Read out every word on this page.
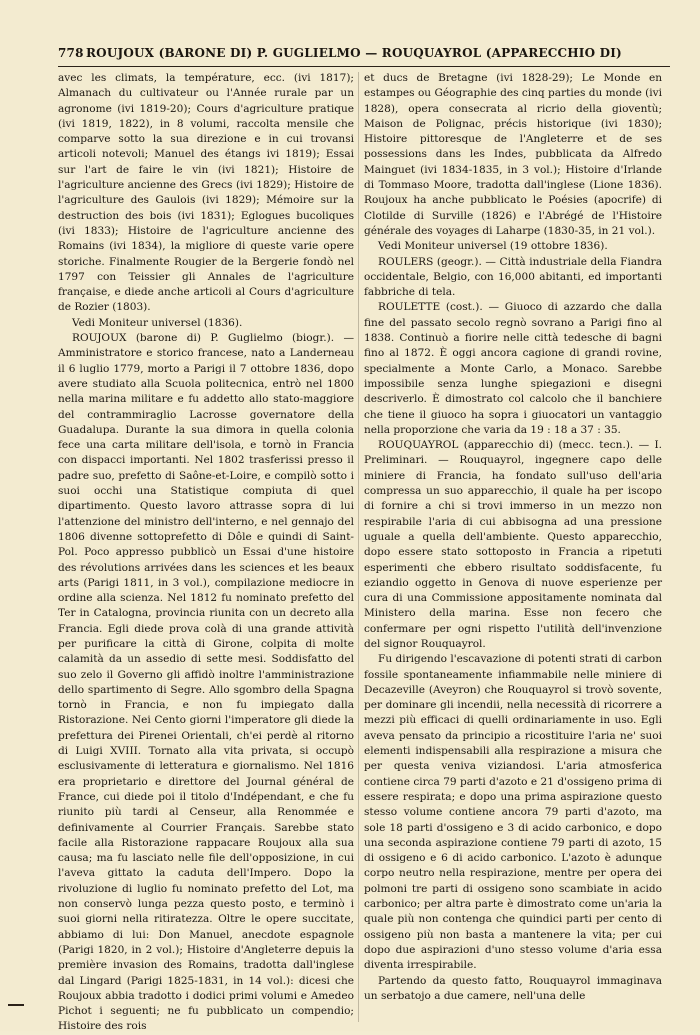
778 ROUJOUX (BARONE DI) P. GUGLIELMO — ROUQUAYROL (APPARECCHIO DI)

avec les climats, la température, ecc. (ivi 1817); Almanach du cultivateur ou l'Année rurale par un agronome (ivi 1819-20); Cours d'agriculture pratique (ivi 1819, 1822), in 8 volumi, raccolta mensile che comparve sotto la sua direzione e in cui trovansi articoli notevoli; Manuel des étangs ivi 1819); Essai sur l'art de faire le vin (ivi 1821); Histoire de l'agriculture ancienne des Grecs (ivi 1829); Histoire de l'agriculture des Gaulois (ivi 1829); Mémoire sur la destruction des bois (ivi 1831); Eglogues bucoliques (ivi 1833); Histoire de l'agriculture ancienne des Romains (ivi 1834), la migliore di queste varie opere storiche. Finalmente Rougier de la Bergerie fondò nel 1797 con Teissier gli Annales de l'agriculture française, e diede anche articoli al Cours d'agriculture de Rozier (1803).

Vedi Moniteur universel (1836).

ROUJOUX (barone di) P. Guglielmo (biogr.). — Amministratore e storico francese, nato a Landerneau il 6 luglio 1779, morto a Parigi il 7 ottobre 1836, dopo avere studiato alla Scuola politecnica, entrò nel 1800 nella marina militare e fu addetto allo stato-maggiore del contrammiraglio Lacrosse governatore della Guadalupa. Durante la sua dimora in quella colonia fece una carta militare dell'isola, e tornò in Francia con dispacci importanti. Nel 1802 trasferissi presso il padre suo, prefetto di Saône-et-Loire, e compilò sotto i suoi occhi una Statistique compiuta di quel dipartimento. Questo lavoro attrasse sopra di lui l'attenzione del ministro dell'interno, e nel gennajo del 1806 divenne sottoprefetto di Dôle e quindi di Saint-Pol. Poco appresso pubblicò un Essai d'une histoire des révolutions arrivées dans les sciences et les beaux arts (Parigi 1811, in 3 vol.), compilazione mediocre in ordine alla scienza. Nel 1812 fu nominato prefetto del Ter in Catalogna, provincia riunita con un decreto alla Francia. Egli diede prova colà di una grande attività per purificare la città di Girone, colpita di molte calamità da un assedio di sette mesi. Soddisfatto del suo zelo il Governo gli affidò inoltre l'amministrazione dello spartimento di Segre. Allo sgombro della Spagna tornò in Francia, e non fu impiegato dalla Ristorazione. Nei Cento giorni l'imperatore gli diede la prefettura dei Pirenei Orientali, ch'ei perdè al ritorno di Luigi XVIII. Tornato alla vita privata, si occupò esclusivamente di letteratura e giornalismo. Nel 1816 era proprietario e direttore del Journal général de France, cui diede poi il titolo d'Indépendant, e che fu riunito più tardi al Censeur, alla Renommée e definivamente al Courrier Français. Sarebbe stato facile alla Ristorazione rappacare Roujoux alla sua causa; ma fu lasciato nelle file dell'opposizione, in cui l'aveva gittato la caduta dell'Impero. Dopo la rivoluzione di luglio fu nominato prefetto del Lot, ma non conservò lunga pezza questo posto, e terminò i suoi giorni nella ritiratezza. Oltre le opere succitate, abbiamo di lui: Don Manuel, anecdote espagnole (Parigi 1820, in 2 vol.); Histoire d'Angleterre depuis la première invasion des Romains, tradotta dall'inglese dal Lingard (Parigi 1825-1831, in 14 vol.): dicesi che Roujoux abbia tradotto i dodici primi volumi e Amedeo Pichot i seguenti; ne fu pubblicato un compendio; Histoire des rois

et ducs de Bretagne (ivi 1828-29); Le Monde en estampes ou Géographie des cinq parties du monde (ivi 1828), opera consecrata al ricrio della gioventù; Maison de Polignac, précis historique (ivi 1830); Histoire pittoresque de l'Angleterre et de ses possessions dans les Indes, pubblicata da Alfredo Mainguet (ivi 1834-1835, in 3 vol.); Histoire d'Irlande di Tommaso Moore, tradotta dall'inglese (Lione 1836). Roujoux ha anche pubblicato le Poésies (apocrife) di Clotilde di Surville (1826) e l'Abrégé de l'Histoire générale des voyages di Laharpe (1830-35, in 21 vol.).

Vedi Moniteur universel (19 ottobre 1836).

ROULERS (geogr.). — Città industriale della Fiandra occidentale, Belgio, con 16,000 abitanti, ed importanti fabbriche di tela.

ROULETTE (cost.). — Giuoco di azzardo che dalla fine del passato secolo regnò sovrano a Parigi fino al 1838. Continuò a fiorire nelle città tedesche di bagni fino al 1872. È oggi ancora cagione di grandi rovine, specialmente a Monte Carlo, a Monaco. Sarebbe impossibile senza lunghe spiegazioni e disegni descriverlo. È dimostrato col calcolo che il banchiere che tiene il giuoco ha sopra i giuocatori un vantaggio nella proporzione che varia da 19 : 18 a 37 : 35.

ROUQUAYROL (apparecchio di) (mecc. tecn.). — I. Preliminari. — Rouquayrol, ingegnere capo delle miniere di Francia, ha fondato sull'uso dell'aria compressa un suo apparecchio, il quale ha per iscopo di fornire a chi si trovi immerso in un mezzo non respirabile l'aria di cui abbisogna ad una pressione uguale a quella dell'ambiente. Questo apparecchio, dopo essere stato sottoposto in Francia a ripetuti esperimenti che ebbero risultato soddisfacente, fu eziandio oggetto in Genova di nuove esperienze per cura di una Commissione appositamente nominata dal Ministero della marina. Esse non fecero che confermare per ogni rispetto l'utilità dell'invenzione del signor Rouquayrol.

Fu dirigendo l'escavazione di potenti strati di carbon fossile spontaneamente infiammabile nelle miniere di Decazeville (Aveyron) che Rouquayrol si trovò sovente, per dominare gli incendii, nella necessità di ricorrere a mezzi più efficaci di quelli ordinariamente in uso. Egli aveva pensato da principio a ricostituire l'aria ne' suoi elementi indispensabili alla respirazione a misura che per questa veniva viziandosi. L'aria atmosferica contiene circa 79 parti d'azoto e 21 d'ossigeno prima di essere respirata; e dopo una prima aspirazione questo stesso volume contiene ancora 79 parti d'azoto, ma sole 18 parti d'ossigeno e 3 di acido carbonico, e dopo una seconda aspirazione contiene 79 parti di azoto, 15 di ossigeno e 6 di acido carbonico. L'azoto è adunque corpo neutro nella respirazione, mentre per opera dei polmoni tre parti di ossigeno sono scambiate in acido carbonico; per altra parte è dimostrato come un'aria la quale più non contenga che quindici parti per cento di ossigeno più non basta a mantenere la vita; per cui dopo due aspirazioni d'uno stesso volume d'aria essa diventa irrespirabile.

Partendo da questo fatto, Rouquayrol immaginava un serbatojo a due camere, nell'una delle
